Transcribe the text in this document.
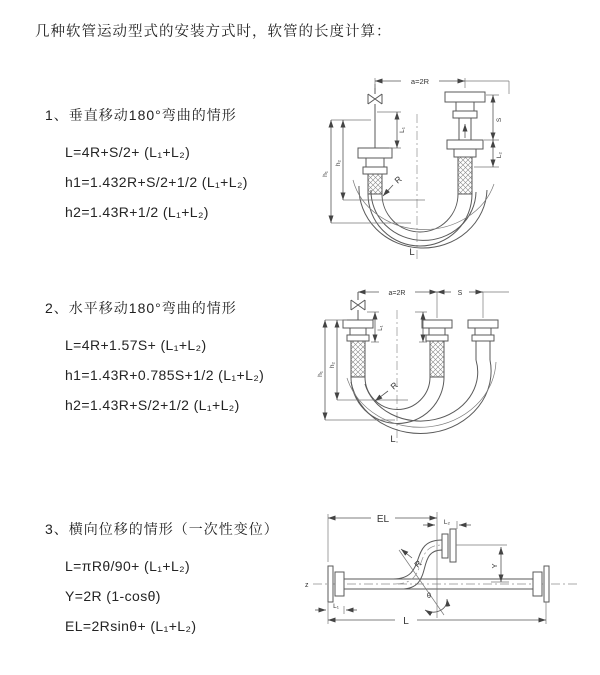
几种软管运动型式的安装方式时，软管的长度计算：
1、垂直移动180°弯曲的情形
L=4R+S/2+ (L₁+L₂)
h1=1.432R+S/2+1/2 (L₁+L₂)
h2=1.43R+1/2 (L₁+L₂)
a=2R
S
L₂
h₁
h₂
L₁
R
L
2、水平移动180°弯曲的情形
L=4R+1.57S+ (L₁+L₂)
h1=1.43R+0.785S+1/2 (L₁+L₂)
h2=1.43R+S/2+1/2 (L₁+L₂)
a=2R	S
L₁
h₁
h₂
R
L
3、横向位移的情形（一次性变位）
L=πRθ/90+ (L₁+L₂)
Y=2R (1-cosθ)
EL=2Rsinθ+ (L₁+L₂)
z
EL	L₂
Y
θ
R
L
L₁
